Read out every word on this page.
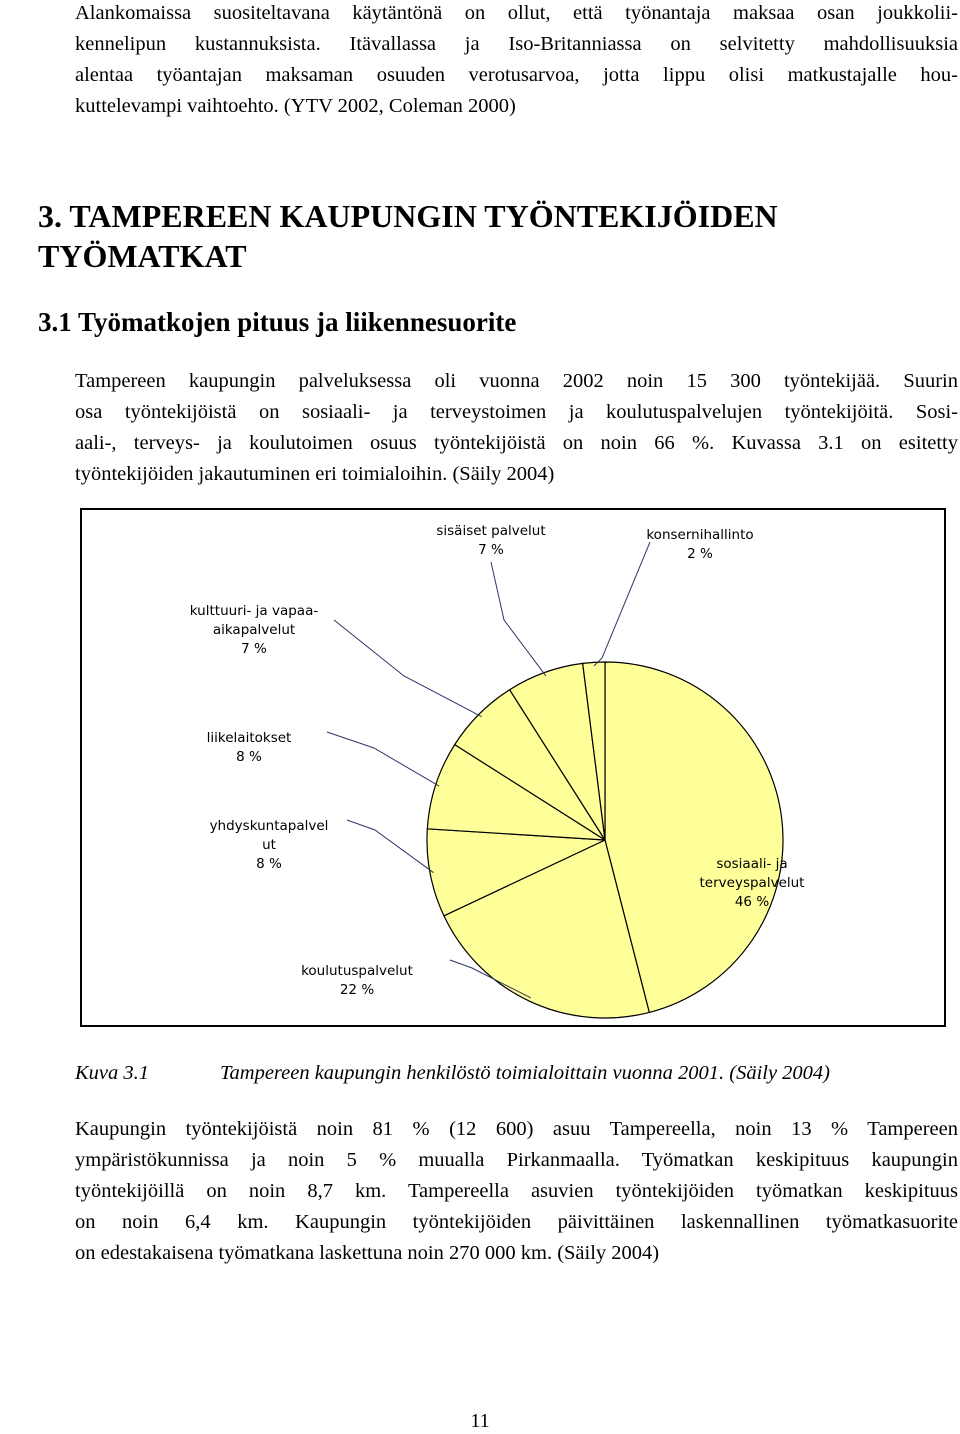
Alankomaissa suositeltavana käytäntönä on ollut, että työnantaja maksaa osan joukkolii-
kennelipun kustannuksista. Itävallassa ja Iso-Britanniassa on selvitetty mahdollisuuksia
alentaa työantajan maksaman osuuden verotusarvoa, jotta lippu olisi matkustajalle hou-
kuttelevampi vaihtoehto. (YTV 2002, Coleman 2000)
3. TAMPEREEN KAUPUNGIN TYÖNTEKIJÖIDEN
TYÖMATKAT
3.1 Työmatkojen pituus ja liikennesuorite
Tampereen kaupungin palveluksessa oli vuonna 2002 noin 15 300 työntekijää. Suurin
osa työntekijöistä on sosiaali- ja terveystoimen ja koulutuspalvelujen työntekijöitä. Sosi-
aali-, terveys- ja koulutoimen osuus työntekijöistä on noin 66 %. Kuvassa 3.1 on esitetty
työntekijöiden jakautuminen eri toimialoihin. (Säily 2004)
sosiaali- ja terveyspalvelut 46 %
koulutuspalvelut 22 %
yhdyskuntapalvel ut 8 %
liikelaitokset 8 %
kulttuuri- ja vapaa-aikapalvelut 7 %
sisäiset palvelut 7 %
konsernihallinto 2 %
Kuva 3.1	Tampereen kaupungin henkilöstö toimialoittain vuonna 2001. (Säily 2004)
Kaupungin työntekijöistä noin 81 % (12 600) asuu Tampereella, noin 13 % Tampereen
ympäristökunnissa ja noin 5 % muualla Pirkanmaalla. Työmatkan keskipituus kaupungin
työntekijöillä on noin 8,7 km. Tampereella asuvien työntekijöiden työmatkan keskipituus
on noin 6,4 km. Kaupungin työntekijöiden päivittäinen laskennallinen työmatkasuorite
on edestakaisena työmatkana laskettuna noin 270 000 km. (Säily 2004)
11
